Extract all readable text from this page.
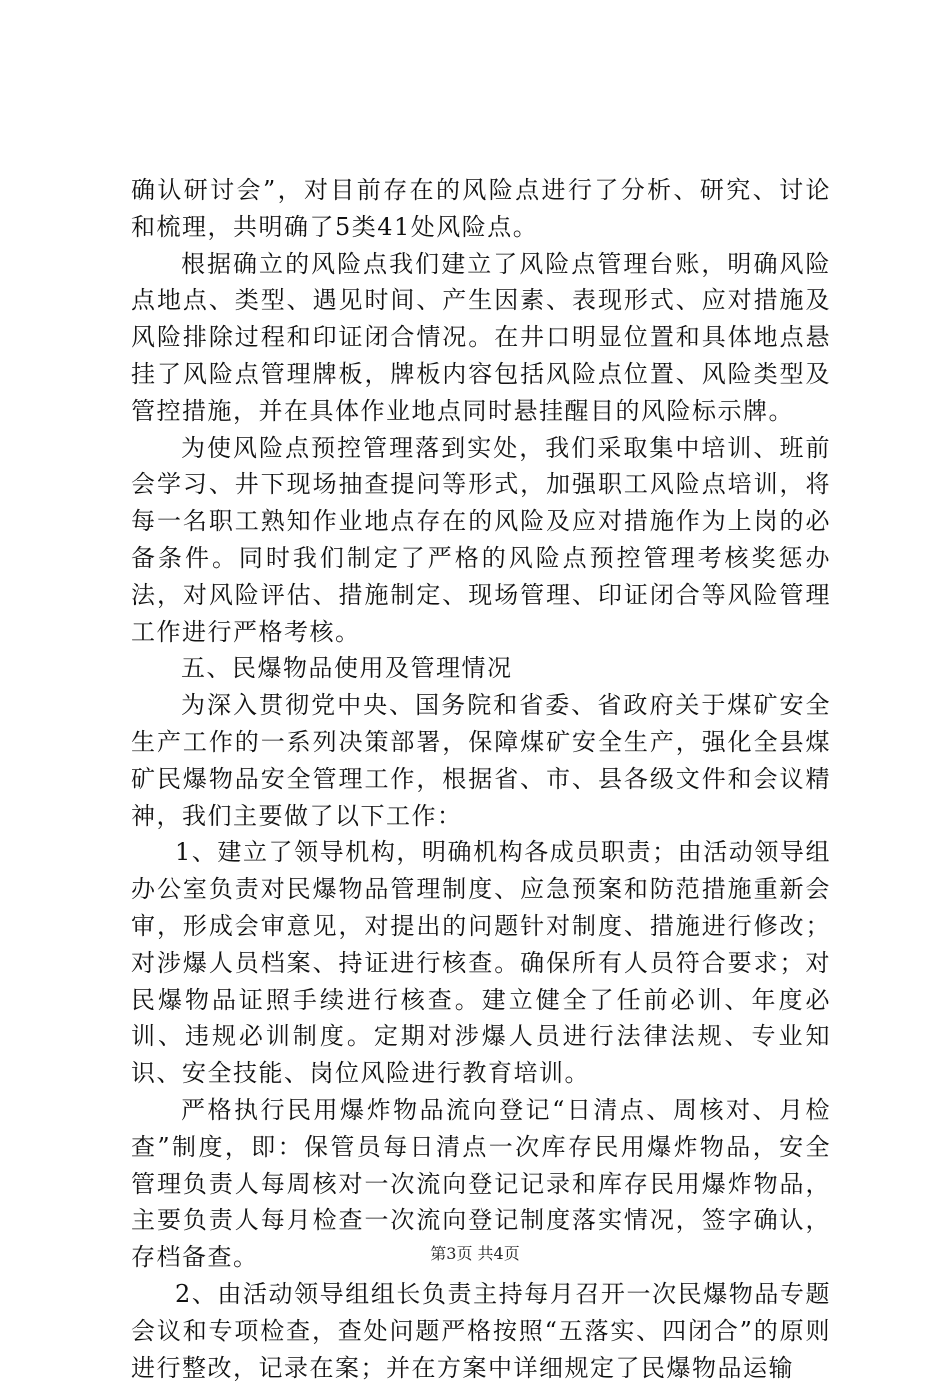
确认研讨会”，对目前存在的风险点进行了分析、研究、讨论和梳理，共明确了5类41处风险点。

根据确立的风险点我们建立了风险点管理台账，明确风险点地点、类型、遇见时间、产生因素、表现形式、应对措施及风险排除过程和印证闭合情况。在井口明显位置和具体地点悬挂了风险点管理牌板，牌板内容包括风险点位置、风险类型及管控措施，并在具体作业地点同时悬挂醒目的风险标示牌。

为使风险点预控管理落到实处，我们采取集中培训、班前会学习、井下现场抽查提问等形式，加强职工风险点培训，将每一名职工熟知作业地点存在的风险及应对措施作为上岗的必备条件。同时我们制定了严格的风险点预控管理考核奖惩办法，对风险评估、措施制定、现场管理、印证闭合等风险管理工作进行严格考核。

五、民爆物品使用及管理情况

为深入贯彻党中央、国务院和省委、省政府关于煤矿安全生产工作的一系列决策部署，保障煤矿安全生产，强化全县煤矿民爆物品安全管理工作，根据省、市、县各级文件和会议精神，我们主要做了以下工作：

1、建立了领导机构，明确机构各成员职责；由活动领导组办公室负责对民爆物品管理制度、应急预案和防范措施重新会审，形成会审意见，对提出的问题针对制度、措施进行修改；对涉爆人员档案、持证进行核查。确保所有人员符合要求；对民爆物品证照手续进行核查。建立健全了任前必训、年度必训、违规必训制度。定期对涉爆人员进行法律法规、专业知识、安全技能、岗位风险进行教育培训。

严格执行民用爆炸物品流向登记“日清点、周核对、月检查”制度，即：保管员每日清点一次库存民用爆炸物品，安全管理负责人每周核对一次流向登记记录和库存民用爆炸物品，主要负责人每月检查一次流向登记制度落实情况，签字确认，存档备查。

2、由活动领导组组长负责主持每月召开一次民爆物品专题会议和专项检查，查处问题严格按照“五落实、四闭合”的原则进行整改，记录在案；并在方案中详细规定了民爆物品运输

第3页 共4页
